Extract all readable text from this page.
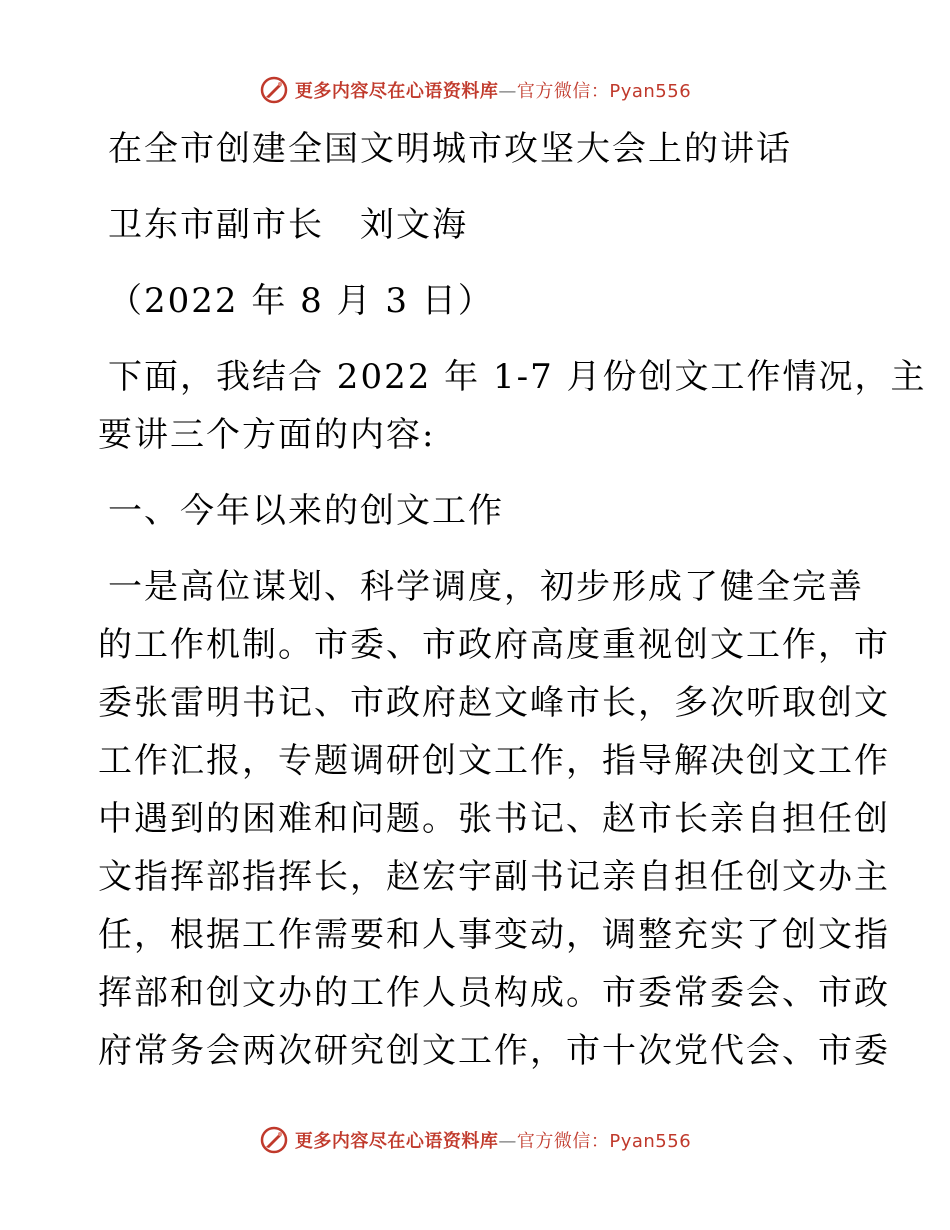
更多内容尽在心语资料库—官方微信：Pyan556

在全市创建全国文明城市攻坚大会上的讲话

卫东市副市长　刘文海

（2022 年 8 月 3 日）

下面，我结合 2022 年 1-7 月份创文工作情况，主

要讲三个方面的内容:

一、今年以来的创文工作

一是高位谋划、科学调度，初步形成了健全完善

的工作机制。市委、市政府高度重视创文工作，市

委张雷明书记、市政府赵文峰市长，多次听取创文

工作汇报，专题调研创文工作，指导解决创文工作

中遇到的困难和问题。张书记、赵市长亲自担任创

文指挥部指挥长，赵宏宇副书记亲自担任创文办主

任，根据工作需要和人事变动，调整充实了创文指

挥部和创文办的工作人员构成。市委常委会、市政

府常务会两次研究创文工作，市十次党代会、市委

更多内容尽在心语资料库—官方微信：Pyan556
